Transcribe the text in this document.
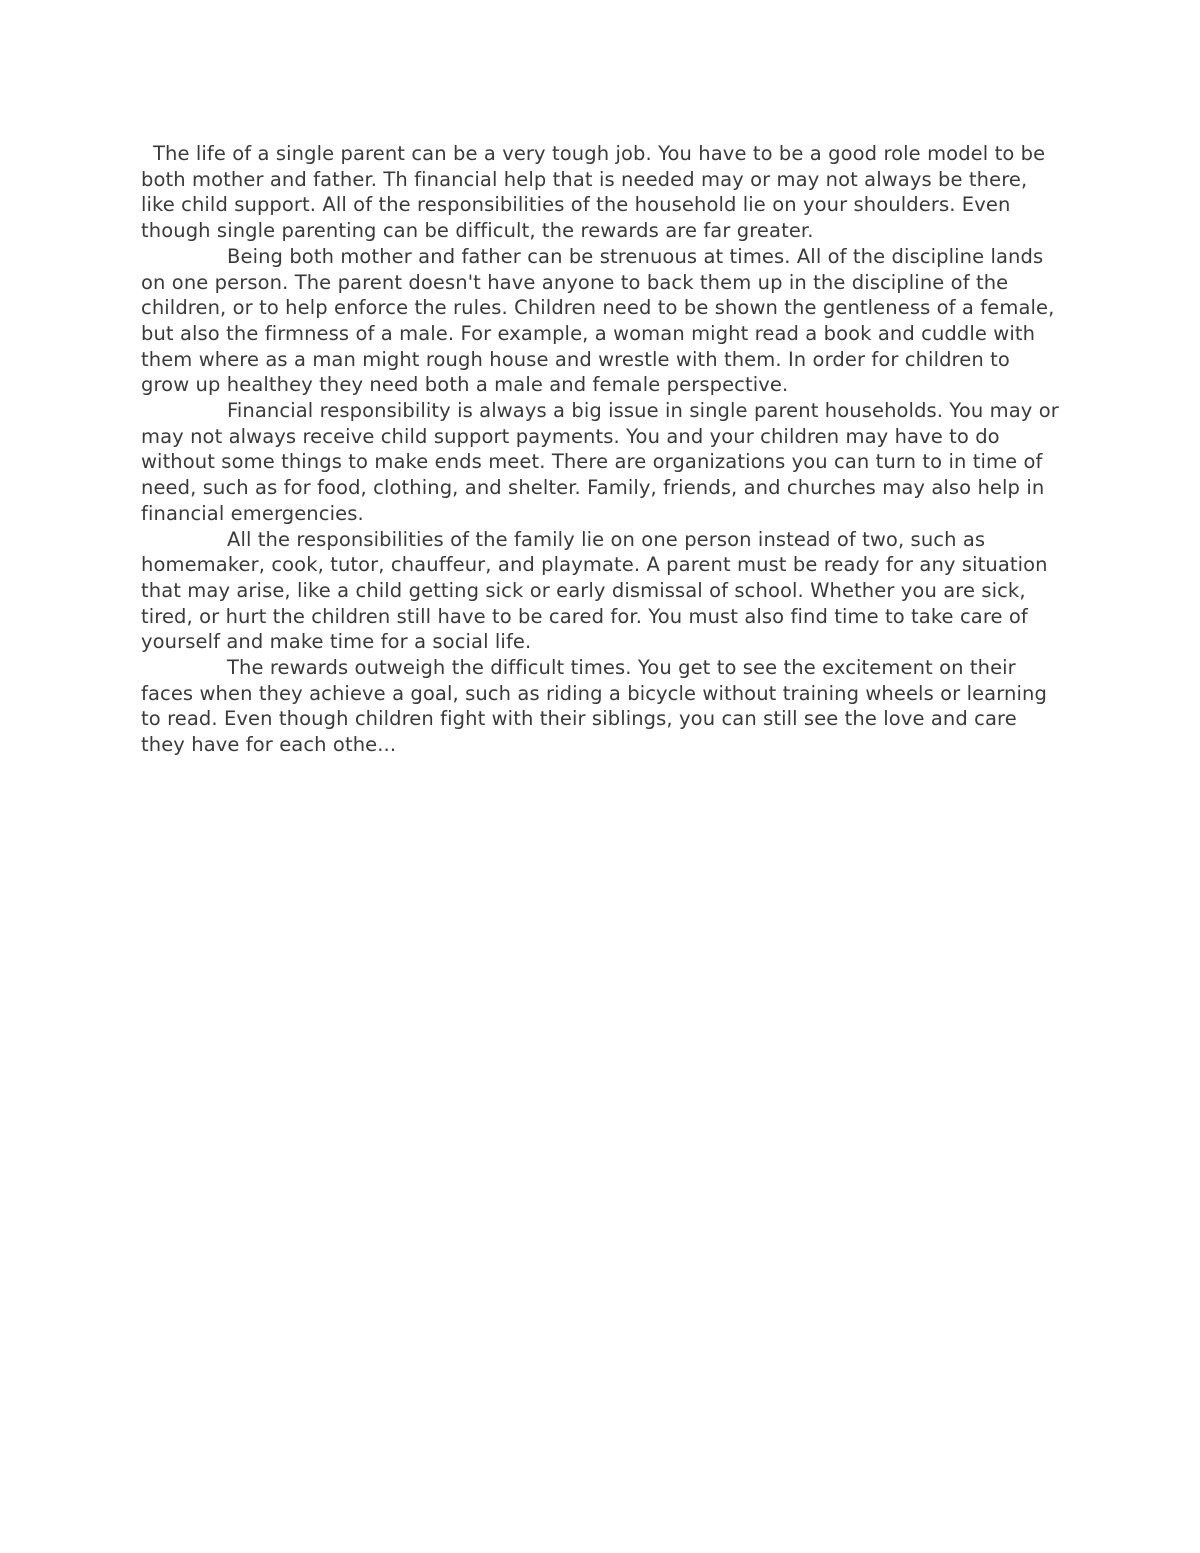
The life of a single parent can be a very tough job. You have to be a good role model to be both mother and father. Th financial help that is needed may or may not always be there, like child support. All of the responsibilities of the household lie on your shoulders. Even though single parenting can be difficult, the rewards are far greater.

Being both mother and father can be strenuous at times. All of the discipline lands on one person. The parent doesn't have anyone to back them up in the discipline of the children, or to help enforce the rules. Children need to be shown the gentleness of a female, but also the firmness of a male. For example, a woman might read a book and cuddle with them where as a man might rough house and wrestle with them. In order for children to grow up healthey they need both a male and female perspective.

Financial responsibility is always a big issue in single parent households. You may or may not always receive child support payments. You and your children may have to do without some things to make ends meet. There are organizations you can turn to in time of need, such as for food, clothing, and shelter. Family, friends, and churches may also help in financial emergencies.

All the responsibilities of the family lie on one person instead of two, such as homemaker, cook, tutor, chauffeur, and playmate. A parent must be ready for any situation that may arise, like a child getting sick or early dismissal of school. Whether you are sick, tired, or hurt the children still have to be cared for. You must also find time to take care of yourself and make time for a social life.

The rewards outweigh the difficult times. You get to see the excitement on their faces when they achieve a goal, such as riding a bicycle without training wheels or learning to read. Even though children fight with their siblings, you can still see the love and care they have for each othe...
